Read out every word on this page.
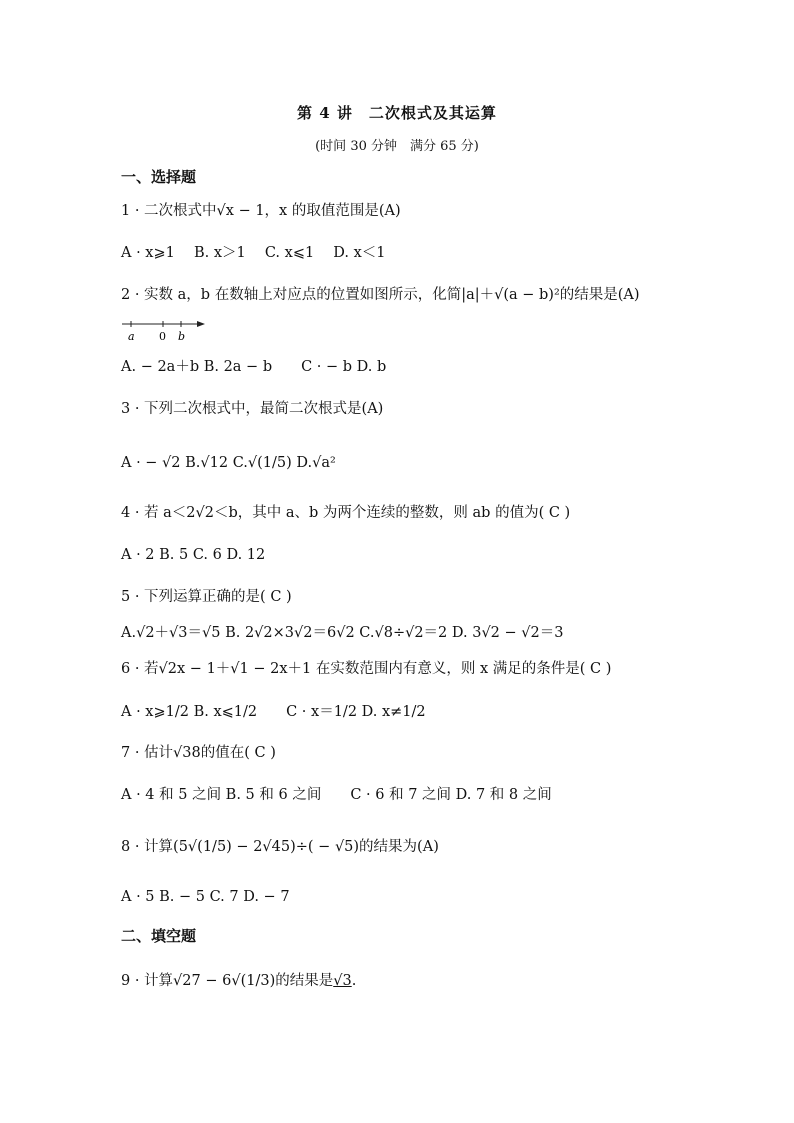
第 4 讲　二次根式及其运算
(时间 30 分钟　满分 65 分)
一、选择题
1 · 二次根式中√x − 1，x 的取值范围是(A)
A · x⩾1　 B. x＞1　 C. x⩽1　 D. x＜1
2 · 实数 a，b 在数轴上对应点的位置如图所示，化简|a|＋√(a − b)²的结果是(A)
a 0 b
A. − 2a＋b B. 2a − b　　C · − b D. b
3 · 下列二次根式中，最简二次根式是(A)
A · − √2 B.√12 C.√(1/5) D.√a²
4 · 若 a＜2√2＜b，其中 a、b 为两个连续的整数，则 ab 的值为( C )
A · 2 B. 5 C. 6 D. 12
5 · 下列运算正确的是( C )
A.√2＋√3＝√5 B. 2√2×3√2＝6√2 C.√8÷√2＝2 D. 3√2 − √2＝3
6 · 若√2x − 1＋√1 − 2x＋1 在实数范围内有意义，则 x 满足的条件是( C )
A · x⩾1/2 B. x⩽1/2　　C · x＝1/2 D. x≠1/2
7 · 估计√38的值在( C )
A · 4 和 5 之间 B. 5 和 6 之间　　C · 6 和 7 之间 D. 7 和 8 之间
8 · 计算(5√(1/5) − 2√45)÷( − √5)的结果为(A)
A · 5 B. − 5 C. 7 D. − 7
二、填空题
9 · 计算√27 − 6√(1/3)的结果是√3.
